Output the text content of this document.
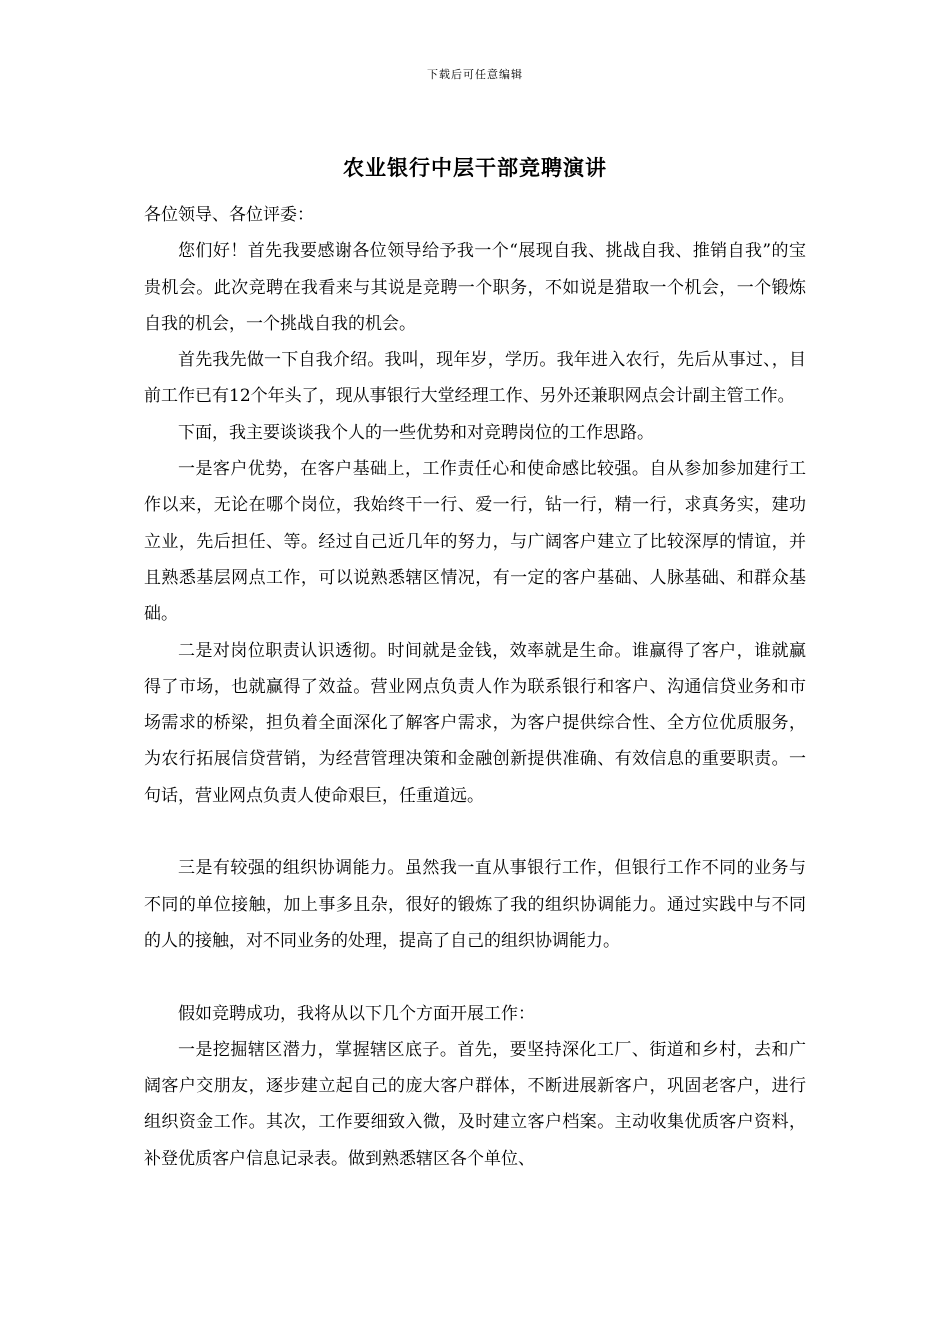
下载后可任意编辑
农业银行中层干部竞聘演讲

各位领导、各位评委：

您们好！首先我要感谢各位领导给予我一个“展现自我、挑战自我、推销自我”的宝贵机会。此次竞聘在我看来与其说是竞聘一个职务，不如说是猎取一个机会，一个锻炼自我的机会，一个挑战自我的机会。

首先我先做一下自我介绍。我叫，现年岁，学历。我年进入农行，先后从事过、，目前工作已有12个年头了，现从事银行大堂经理工作、另外还兼职网点会计副主管工作。

下面，我主要谈谈我个人的一些优势和对竞聘岗位的工作思路。

一是客户优势，在客户基础上，工作责任心和使命感比较强。自从参加参加建行工作以来，无论在哪个岗位，我始终干一行、爱一行，钻一行，精一行，求真务实，建功立业，先后担任、等。经过自己近几年的努力，与广阔客户建立了比较深厚的情谊，并且熟悉基层网点工作，可以说熟悉辖区情况，有一定的客户基础、人脉基础、和群众基础。

二是对岗位职责认识透彻。时间就是金钱，效率就是生命。谁赢得了客户，谁就赢得了市场，也就赢得了效益。营业网点负责人作为联系银行和客户、沟通信贷业务和市场需求的桥梁，担负着全面深化了解客户需求，为客户提供综合性、全方位优质服务，为农行拓展信贷营销，为经营管理决策和金融创新提供准确、有效信息的重要职责。一句话，营业网点负责人使命艰巨，任重道远。

三是有较强的组织协调能力。虽然我一直从事银行工作，但银行工作不同的业务与不同的单位接触，加上事多且杂，很好的锻炼了我的组织协调能力。通过实践中与不同的人的接触，对不同业务的处理，提高了自己的组织协调能力。

假如竞聘成功，我将从以下几个方面开展工作：

一是挖掘辖区潜力，掌握辖区底子。首先，要坚持深化工厂、街道和乡村，去和广阔客户交朋友，逐步建立起自己的庞大客户群体，不断进展新客户，巩固老客户，进行组织资金工作。其次，工作要细致入微，及时建立客户档案。主动收集优质客户资料，补登优质客户信息记录表。做到熟悉辖区各个单位、
